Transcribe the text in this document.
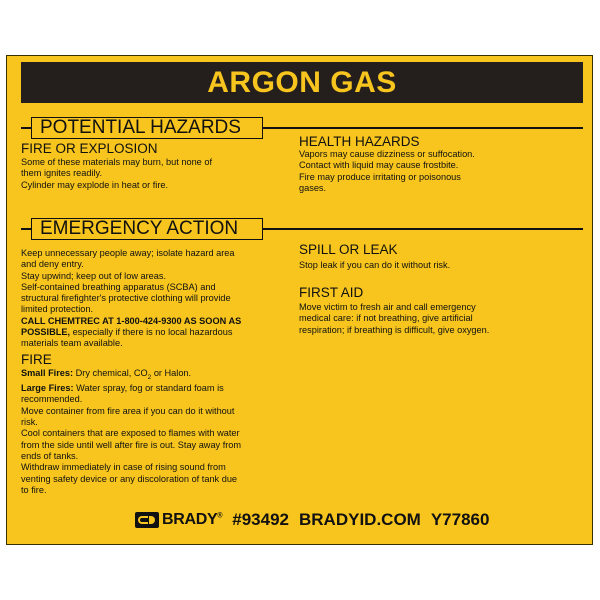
ARGON GAS
POTENTIAL HAZARDS
FIRE OR EXPLOSION
Some of these materials may burn, but none of
them ignites readily.
Cylinder may explode in heat or fire.
HEALTH HAZARDS
Vapors may cause dizziness or suffocation.
Contact with liquid may cause frostbite.
Fire may produce irritating or poisonous
gases.
EMERGENCY ACTION
Keep unnecessary people away; isolate hazard area
and deny entry.
Stay upwind; keep out of low areas.
Self-contained breathing apparatus (SCBA) and
structural firefighter's protective clothing will provide
limited protection.
CALL CHEMTREC AT 1-800-424-9300 AS SOON AS
POSSIBLE, especially if there is no local hazardous
materials team available.
FIRE
Small Fires: Dry chemical, $CO_2$ or Halon.
Large Fires: Water spray, fog or standard foam is
recommended.
Move container from fire area if you can do it without
risk.
Cool containers that are exposed to flames with water
from the side until well after fire is out. Stay away from
ends of tanks.
Withdraw immediately in case of rising sound from
venting safety device or any discoloration of tank due
to fire.
SPILL OR LEAK
Stop leak if you can do it without risk.
FIRST AID
Move victim to fresh air and call emergency
medical care: if not breathing, give artificial
respiration; if breathing is difficult, give oxygen.
BRADY® #93492 BRADYID.COM Y77860
